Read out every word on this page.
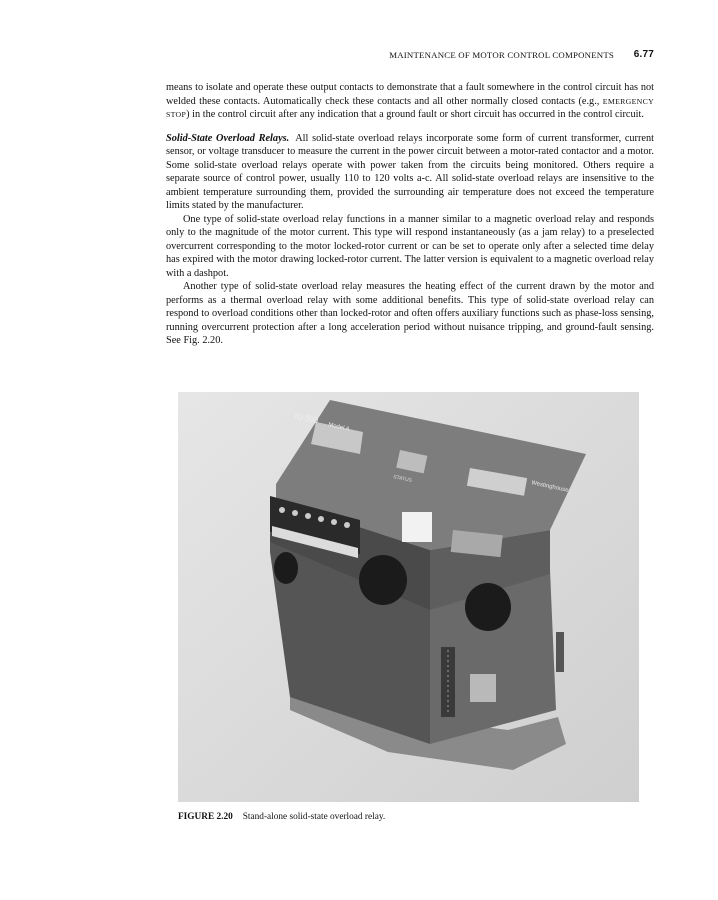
MAINTENANCE OF MOTOR CONTROL COMPONENTS 6.77

means to isolate and operate these output contacts to demonstrate that a fault somewhere in the control circuit has not welded these contacts. Automatically check these contacts and all other normally closed contacts (e.g., EMERGENCY STOP) in the control circuit after any indication that a ground fault or short circuit has occurred in the control circuit.

Solid-State Overload Relays. All solid-state overload relays incorporate some form of current transformer, current sensor, or voltage transducer to measure the current in the power circuit between a motor-rated contactor and a motor. Some solid-state overload relays operate with power taken from the circuits being monitored. Others require a separate source of control power, usually 110 to 120 volts a-c. All solid-state overload relays are insensitive to the ambient temperature surrounding them, provided the surrounding air temperature does not exceed the temperature limits stated by the manufacturer.

One type of solid-state overload relay functions in a manner similar to a magnetic overload relay and responds only to the magnitude of the motor current. This type will respond instantaneously (as a jam relay) to a preselected overcurrent corresponding to the motor locked-rotor current or can be set to operate only after a selected time delay has expired with the motor drawing locked-rotor current. The latter version is equivalent to a magnetic overload relay with a dashpot.

Another type of solid-state overload relay measures the heating effect of the current drawn by the motor and performs as a thermal overload relay with some additional benefits. This type of solid-state overload relay can respond to overload conditions other than locked-rotor and often offers auxiliary functions such as phase-loss sensing, running overcurrent protection after a long acceleration period without nuisance tripping, and ground-fault sensing. See Fig. 2.20.

IQ 500
Model A
STATUS
Westinghouse
FIGURE 2.20 Stand-alone solid-state overload relay.
